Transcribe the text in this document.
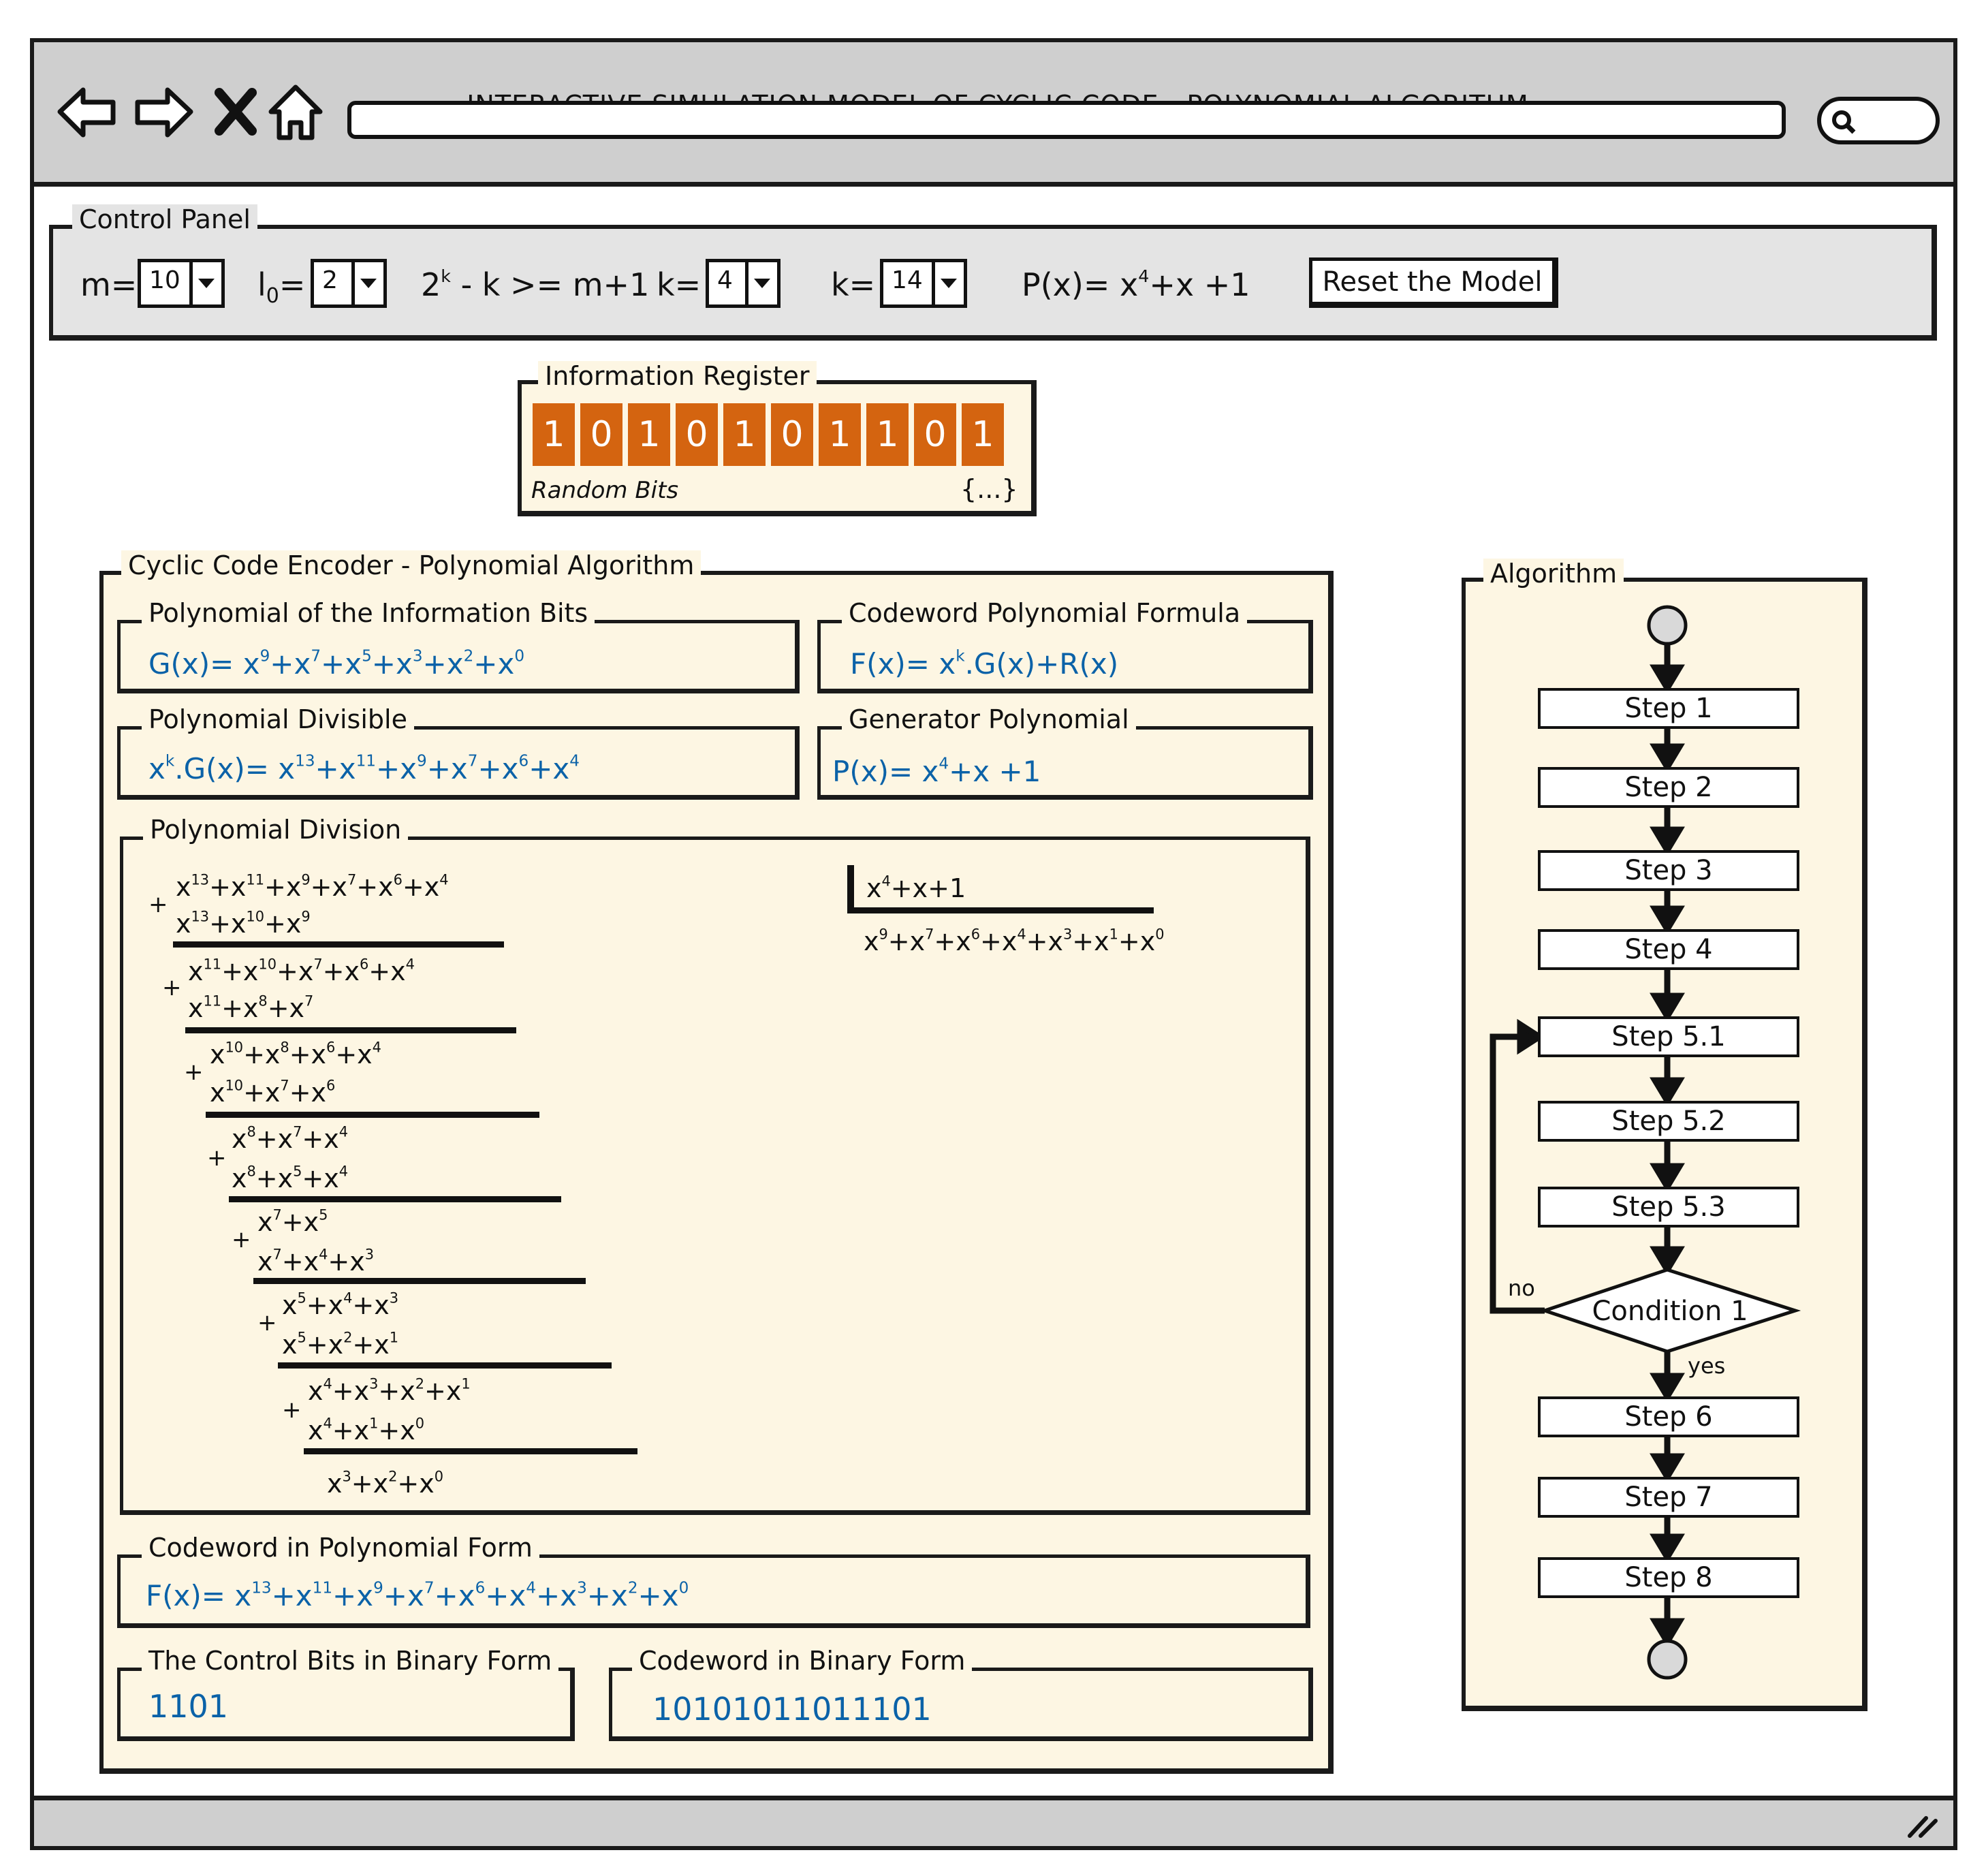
Control Panel
m= 10 $l_0= 2$	2$^k$ - k >= m+1 k= 4	k= 14	$P(x)= x^4+x +1$	Reset the Model
Information Register
1 0 1 0 1 0 1 1 0 1
Random Bits	{...}
Cyclic Code Encoder - Polynomial Algorithm
Polynomial of the Information Bits
$G(x)= x^9+x^7+x^5+x^3+x^2+x^0$
Codeword Polynomial Formula
$F(x)= x^k.G(x)+R(x)$
Polynomial Divisible
$x^k.G(x)= x^{13}+x^{11}+x^9+x^7+x^6+x^4$
Generator Polynomial
$P(x)= x^4+x +1$
Polynomial Division
$x^4+x+1$
$x^9+x^7+x^6+x^4+x^3+x^1+x^0$
$x^{13}+x^{11}+x^9+x^7+x^6+x^4$
+
$x^{13}+x^{10}+x^9$
$x^{11}+x^{10}+x^7+x^6+x^4$
+
$x^{11}+x^8+x^7$
$x^{10}+x^8+x^6+x^4$
+
$x^{10}+x^7+x^6$
$x^8+x^7+x^4$
+
$x^8+x^5+x^4$
$x^7+x^5$
+
$x^7+x^4+x^3$
$x^5+x^4+x^3$
+
$x^5+x^2+x^1$
$x^4+x^3+x^2+x^1$
+
$x^4+x^1+x^0$
$x^3+x^2+x^0$
Codeword in Polynomial Form
$F(x)= x^{13}+x^{11}+x^9+x^7+x^6+x^4+x^3+x^2+x^0$
The Control Bits in Binary Form
1101
Codeword in Binary Form
10101011011101
Algorithm
Step 1
Step 2
Step 3
Step 4
Step 5.1
Step 5.2
Step 5.3
Step 6
Step 7
Step 8
Condition 1
no
yes
